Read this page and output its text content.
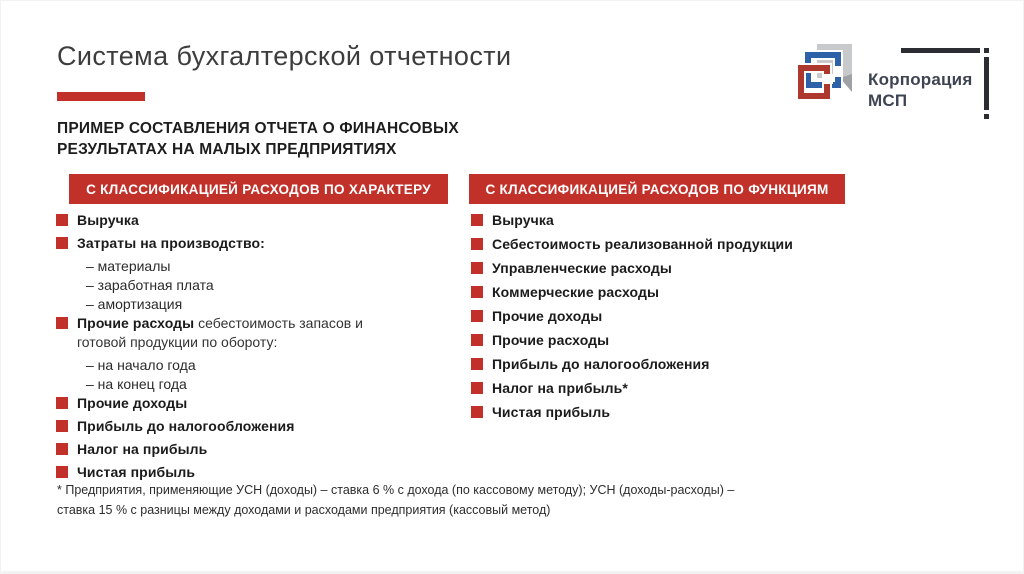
Система бухгалтерской отчетности
ПРИМЕР СОСТАВЛЕНИЯ ОТЧЕТА О ФИНАНСОВЫХ
РЕЗУЛЬТАТАХ НА МАЛЫХ ПРЕДПРИЯТИЯХ
Корпорация
МСП
С КЛАССИФИКАЦИЕЙ РАСХОДОВ ПО ХАРАКТЕРУ
Выручка
Затраты на производство:
– материалы
– заработная плата
– амортизация
Прочие расходы себестоимость запасов и готовой продукции по обороту:
– на начало года
– на конец года
Прочие доходы
Прибыль до налогообложения
Налог на прибыль
Чистая прибыль
С КЛАССИФИКАЦИЕЙ РАСХОДОВ ПО ФУНКЦИЯМ
Выручка
Себестоимость реализованной продукции
Управленческие расходы
Коммерческие расходы
Прочие доходы
Прочие расходы
Прибыль до налогообложения
Налог на прибыль*
Чистая прибыль
* Предприятия, применяющие УСН (доходы) – ставка 6 % с дохода (по кассовому методу); УСН (доходы-расходы) – ставка 15 % с разницы между доходами и расходами предприятия (кассовый метод)
